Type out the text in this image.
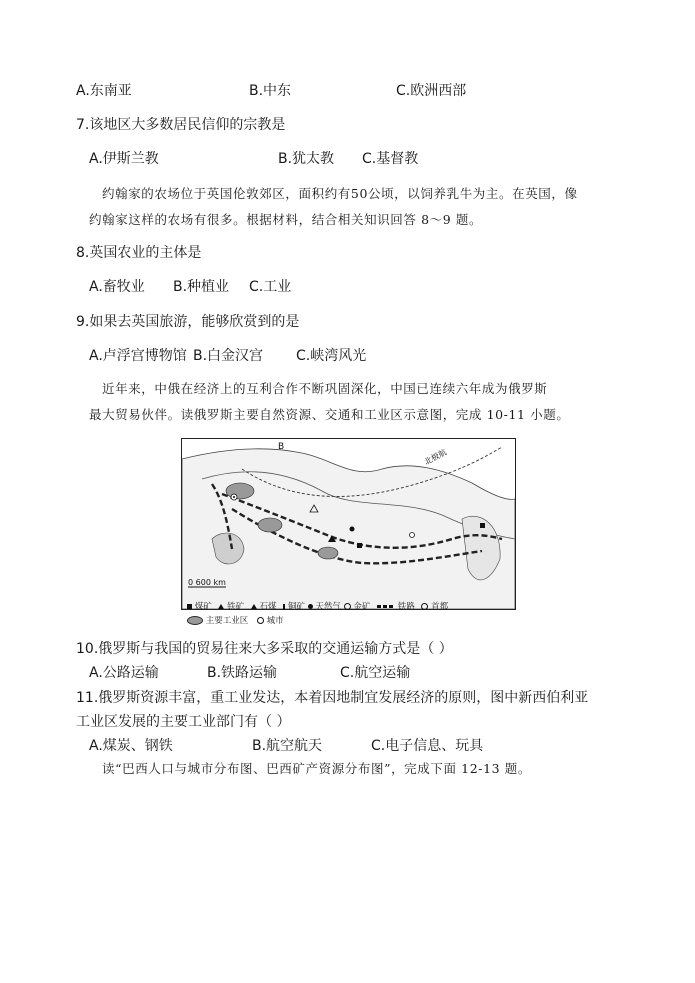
A.东南亚	B.中东	C.欧洲西部
7.该地区大多数居民信仰的宗教是
A.伊斯兰教	B.犹太教 C.基督教
约翰家的农场位于英国伦敦郊区，面积约有50公顷，以饲养乳牛为主。在英国，像
约翰家这样的农场有很多。根据材料，结合相关知识回答 8～9 题。
8.英国农业的主体是
A.畜牧业 B.种植业 C.工业
9.如果去英国旅游，能够欣赏到的是
A.卢浮宫博物馆 B.白金汉宫 C.峡湾风光
近年来，中俄在经济上的互利合作不断巩固深化，中国已连续六年成为俄罗斯
最大贸易伙伴。读俄罗斯主要自然资源、交通和工业区示意图，完成 10-11 小题。
B
北极航
0 600 km
煤矿 铁矿 石煤 铜矿 天然气 金矿	铁路 首都
主要工业区 城市
10.俄罗斯与我国的贸易往来大多采取的交通运输方式是（ ）
A.公路运输	B.铁路运输	C.航空运输
11.俄罗斯资源丰富，重工业发达，本着因地制宜发展经济的原则，图中新西伯利亚
工业区发展的主要工业部门有（ ）
A.煤炭、钢铁	B.航空航天	C.电子信息、玩具
读“巴西人口与城市分布图、巴西矿产资源分布图”，完成下面 12-13 题。
